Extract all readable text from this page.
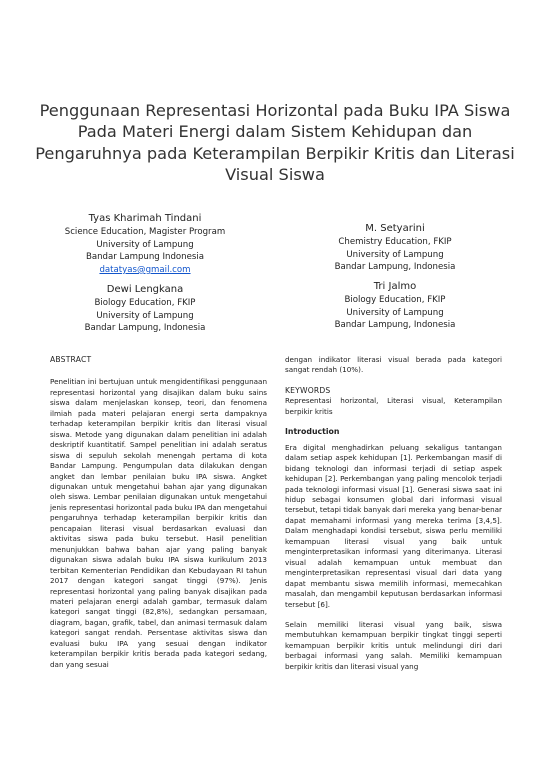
Penggunaan Representasi Horizontal pada Buku IPA Siswa Pada Materi Energi dalam Sistem Kehidupan dan Pengaruhnya pada Keterampilan Berpikir Kritis dan Literasi Visual Siswa
Tyas Kharimah Tindani
Science Education, Magister Program
University of Lampung
Bandar Lampung Indonesia
datatyas@gmail.com
M. Setyarini
Chemistry Education, FKIP
University of Lampung
Bandar Lampung, Indonesia
Dewi Lengkana
Biology Education, FKIP
University of Lampung
Bandar Lampung, Indonesia
Tri Jalmo
Biology Education, FKIP
University of Lampung
Bandar Lampung, Indonesia

ABSTRACT

Penelitian ini bertujuan untuk mengidentifikasi penggunaan representasi horizontal yang disajikan dalam buku sains siswa dalam menjelaskan konsep, teori, dan fenomena ilmiah pada materi pelajaran energi serta dampaknya terhadap keterampilan berpikir kritis dan literasi visual siswa. Metode yang digunakan dalam penelitian ini adalah deskriptif kuantitatif. Sampel penelitian ini adalah seratus siswa di sepuluh sekolah menengah pertama di kota Bandar Lampung. Pengumpulan data dilakukan dengan angket dan lembar penilaian buku IPA siswa. Angket digunakan untuk mengetahui bahan ajar yang digunakan oleh siswa. Lembar penilaian digunakan untuk mengetahui jenis representasi horizontal pada buku IPA dan mengetahui pengaruhnya terhadap keterampilan berpikir kritis dan pencapaian literasi visual berdasarkan evaluasi dan aktivitas siswa pada buku tersebut. Hasil penelitian menunjukkan bahwa bahan ajar yang paling banyak digunakan siswa adalah buku IPA siswa kurikulum 2013 terbitan Kementerian Pendidikan dan Kebudayaan RI tahun 2017 dengan kategori sangat tinggi (97%). Jenis representasi horizontal yang paling banyak disajikan pada materi pelajaran energi adalah gambar, termasuk dalam kategori sangat tinggi (82,8%), sedangkan persamaan, diagram, bagan, grafik, tabel, dan animasi termasuk dalam kategori sangat rendah. Persentase aktivitas siswa dan evaluasi buku IPA yang sesuai dengan indikator keterampilan berpikir kritis berada pada kategori sedang, dan yang sesuai

dengan indikator literasi visual berada pada kategori sangat rendah (10%).

KEYWORDS

Representasi horizontal, Literasi visual, Keterampilan berpikir kritis

Introduction

Era digital menghadirkan peluang sekaligus tantangan dalam setiap aspek kehidupan [1]. Perkembangan masif di bidang teknologi dan informasi terjadi di setiap aspek kehidupan [2]. Perkembangan yang paling mencolok terjadi pada teknologi informasi visual [1]. Generasi siswa saat ini hidup sebagai konsumen global dari informasi visual tersebut, tetapi tidak banyak dari mereka yang benar-benar dapat memahami informasi yang mereka terima [3,4,5]. Dalam menghadapi kondisi tersebut, siswa perlu memiliki kemampuan literasi visual yang baik untuk menginterpretasikan informasi yang diterimanya. Literasi visual adalah kemampuan untuk membuat dan menginterpretasikan representasi visual dari data yang dapat membantu siswa memilih informasi, memecahkan masalah, dan mengambil keputusan berdasarkan informasi tersebut [6].

Selain memiliki literasi visual yang baik, siswa membutuhkan kemampuan berpikir tingkat tinggi seperti kemampuan berpikir kritis untuk melindungi diri dari berbagai informasi yang salah. Memiliki kemampuan berpikir kritis dan literasi visual yang
